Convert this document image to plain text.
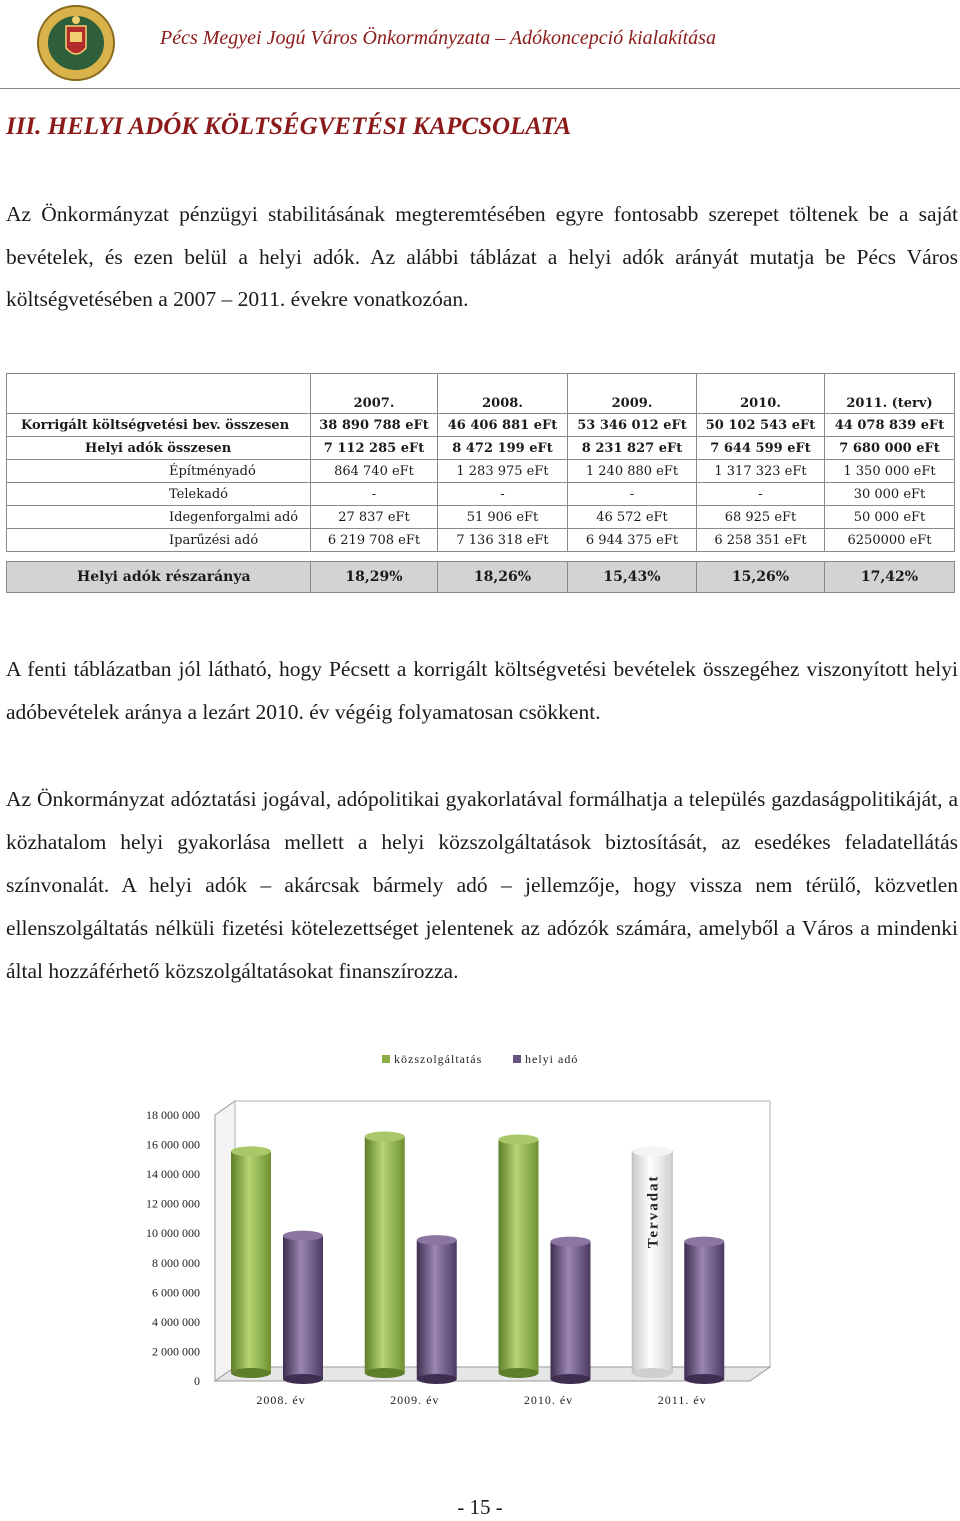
Pécs Megyei Jogú Város Önkormányzata – Adókoncepció kialakítása
III. HELYI ADÓK KÖLTSÉGVETÉSI KAPCSOLATA
Az Önkormányzat pénzügyi stabilitásának megteremtésében egyre fontosabb szerepet töltenek be a saját bevételek, és ezen belül a helyi adók. Az alábbi táblázat a helyi adók arányát mutatja be Pécs Város költségvetésében a 2007 – 2011. évekre vonatkozóan.
	2007.	2008.	2009.	2010.	2011. (terv)
Korrigált költségvetési bev. összesen	38 890 788 eFt	46 406 881 eFt	53 346 012 eFt	50 102 543 eFt	44 078 839 eFt
Helyi adók összesen	7 112 285 eFt	8 472 199 eFt	8 231 827 eFt	7 644 599 eFt	7 680 000 eFt
Építményadó	864 740 eFt	1 283 975 eFt	1 240 880 eFt	1 317 323 eFt	1 350 000 eFt
Telekadó	-	-	-	-	30 000 eFt
Idegenforgalmi adó	27 837 eFt	51 906 eFt	46 572 eFt	68 925 eFt	50 000 eFt
Iparűzési adó	6 219 708 eFt	7 136 318 eFt	6 944 375 eFt	6 258 351 eFt	6250000 eFt

Helyi adók részaránya	18,29%	18,26%	15,43%	15,26%	17,42%
A fenti táblázatban jól látható, hogy Pécsett a korrigált költségvetési bevételek összegéhez viszonyított helyi adóbevételek aránya a lezárt 2010. év végéig folyamatosan csökkent.
Az Önkormányzat adóztatási jogával, adópolitikai gyakorlatával formálhatja a település gazdaságpolitikáját, a közhatalom helyi gyakorlása mellett a helyi közszolgáltatások biztosítását, az esedékes feladatellátás színvonalát. A helyi adók – akárcsak bármely adó – jellemzője, hogy vissza nem térülő, közvetlen ellenszolgáltatás nélküli fizetési kötelezettséget jelentenek az adózók számára, amelyből a Város a mindenki által hozzáférhető közszolgáltatásokat finanszírozza.
közszolgáltatás	helyi adó
18 000 000
16 000 000
14 000 000
12 000 000
10 000 000
8 000 000
6 000 000
4 000 000
2 000 000
0
Tervadat
2008. év	2009. év	2010. év	2011. év
- 15 -
